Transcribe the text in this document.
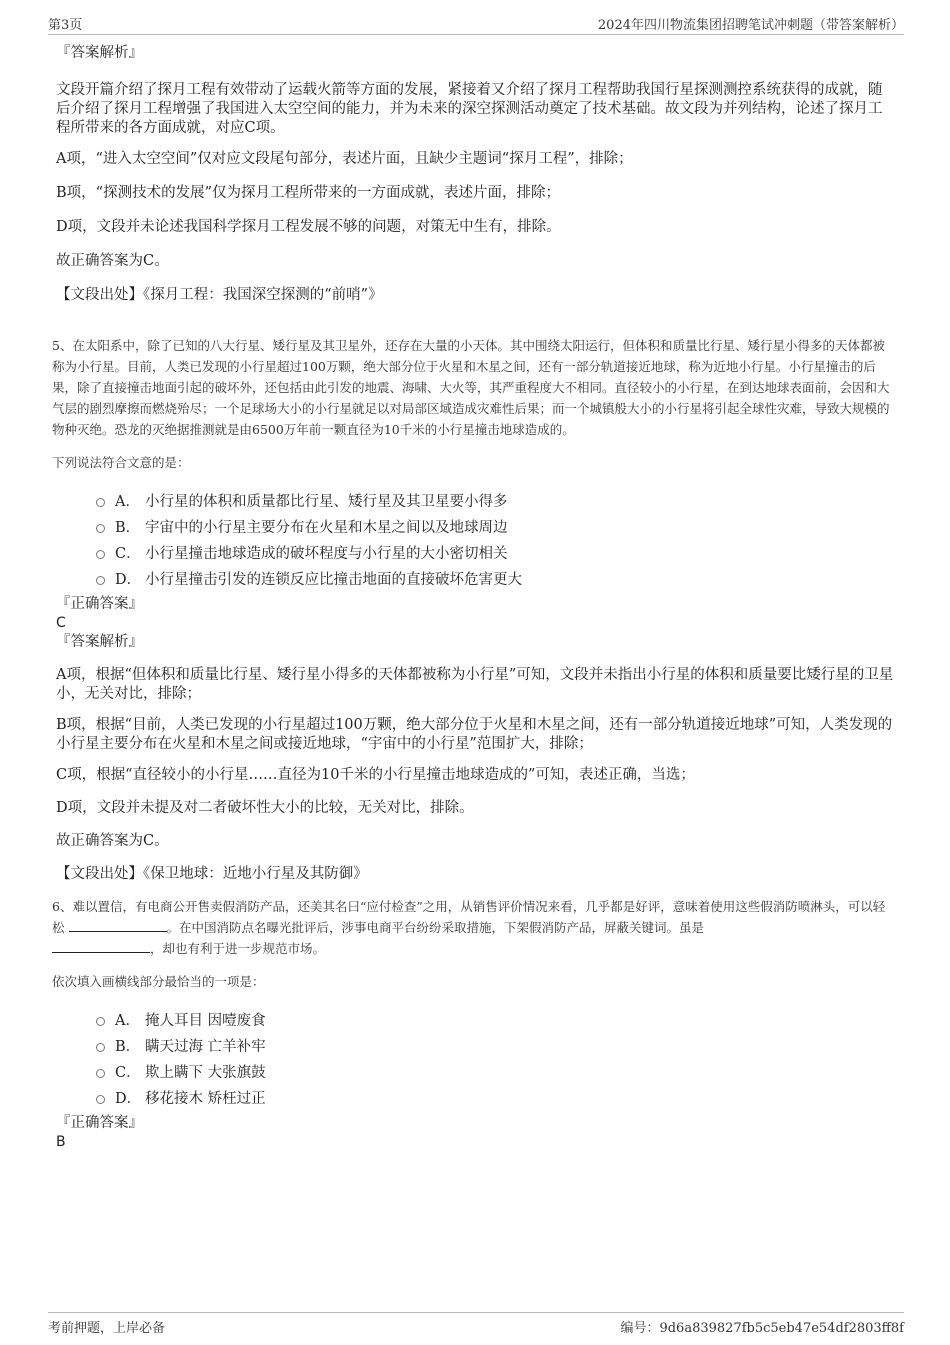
第3页	2024年四川物流集团招聘笔试冲刺题（带答案解析）
『答案解析』
文段开篇介绍了探月工程有效带动了运载火箭等方面的发展，紧接着又介绍了探月工程帮助我国行星探测测控系统获得的成就，随后介绍了探月工程增强了我国进入太空空间的能力，并为未来的深空探测活动奠定了技术基础。故文段为并列结构，论述了探月工程所带来的各方面成就，对应C项。
A项，“进入太空空间”仅对应文段尾句部分，表述片面，且缺少主题词“探月工程”，排除；
B项，“探测技术的发展”仅为探月工程所带来的一方面成就，表述片面，排除；
D项，文段并未论述我国科学探月工程发展不够的问题，对策无中生有，排除。
故正确答案为C。
【文段出处】《探月工程：我国深空探测的“前哨”》
5、在太阳系中，除了已知的八大行星、矮行星及其卫星外，还存在大量的小天体。其中围绕太阳运行，但体积和质量比行星、矮行星小得多的天体都被称为小行星。目前，人类已发现的小行星超过100万颗，绝大部分位于火星和木星之间，还有一部分轨道接近地球，称为近地小行星。小行星撞击的后果，除了直接撞击地面引起的破坏外，还包括由此引发的地震、海啸、大火等，其严重程度大不相同。直径较小的小行星，在到达地球表面前，会因和大气层的剧烈摩擦而燃烧殆尽；一个足球场大小的小行星就足以对局部区域造成灾难性后果；而一个城镇般大小的小行星将引起全球性灾难，导致大规模的物种灭绝。恐龙的灭绝据推测就是由6500万年前一颗直径为10千米的小行星撞击地球造成的。
下列说法符合文意的是：
A． 小行星的体积和质量都比行星、矮行星及其卫星要小得多
B． 宇宙中的小行星主要分布在火星和木星之间以及地球周边
C． 小行星撞击地球造成的破坏程度与小行星的大小密切相关
D． 小行星撞击引发的连锁反应比撞击地面的直接破坏危害更大
『正确答案』
C
『答案解析』
A项，根据“但体积和质量比行星、矮行星小得多的天体都被称为小行星”可知，文段并未指出小行星的体积和质量要比矮行星的卫星小，无关对比，排除；
B项，根据“目前，人类已发现的小行星超过100万颗，绝大部分位于火星和木星之间，还有一部分轨道接近地球”可知，人类发现的小行星主要分布在火星和木星之间或接近地球，“宇宙中的小行星”范围扩大，排除；
C项，根据“直径较小的小行星……直径为10千米的小行星撞击地球造成的”可知，表述正确，当选；
D项，文段并未提及对二者破坏性大小的比较，无关对比，排除。
故正确答案为C。
【文段出处】《保卫地球：近地小行星及其防御》
6、难以置信，有电商公开售卖假消防产品，还美其名曰“应付检查”之用，从销售评价情况来看，几乎都是好评，意味着使用这些假消防喷淋头，可以轻松	。在中国消防点名曝光批评后，涉事电商平台纷纷采取措施，下架假消防产品，屏蔽关键词。虽是
，却也有利于进一步规范市场。
依次填入画横线部分最恰当的一项是：
A． 掩人耳目 因噎废食
B． 瞒天过海 亡羊补牢
C． 欺上瞒下 大张旗鼓
D． 移花接木 矫枉过正
『正确答案』
B
考前押题，上岸必备	编号：9d6a839827fb5c5eb47e54df2803ff8f
